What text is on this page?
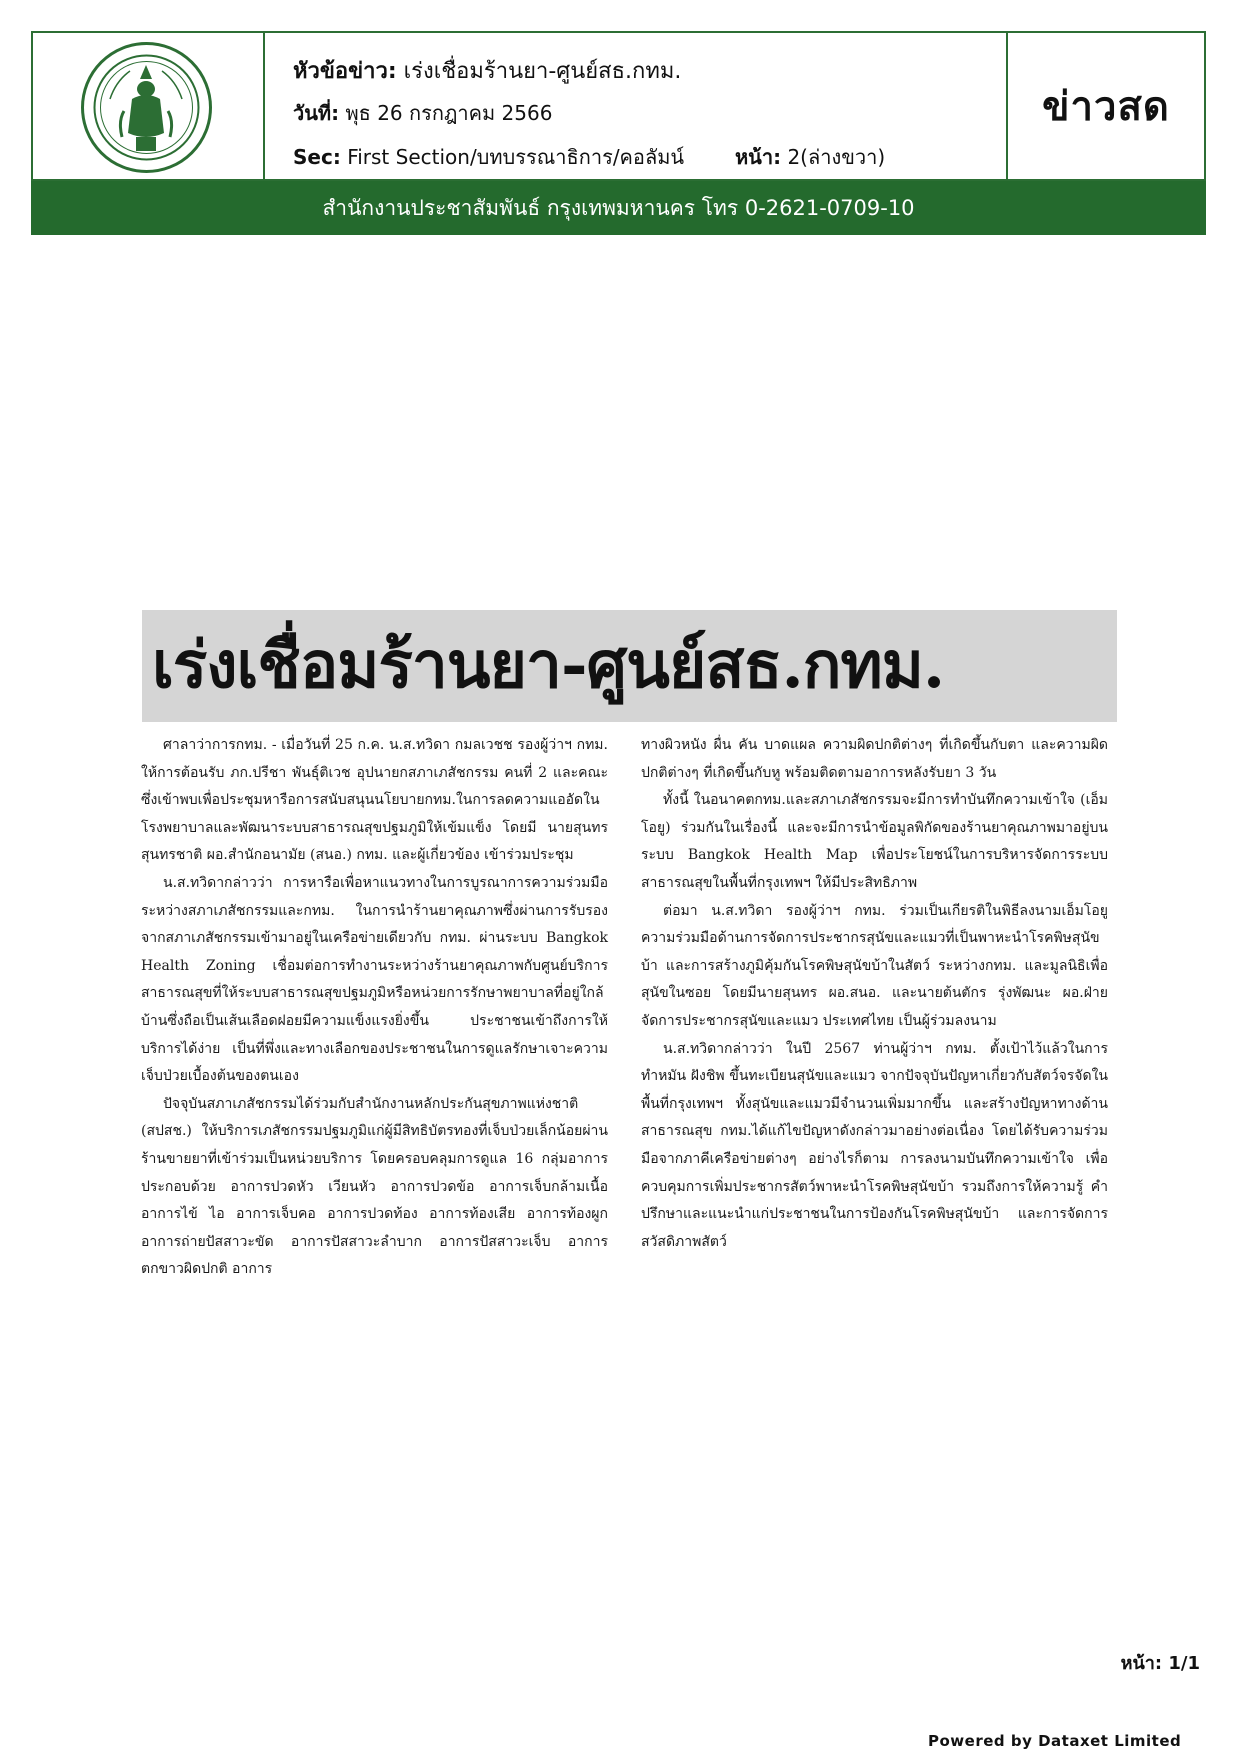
หัวข้อข่าว: เร่งเชื่อมร้านยา-ศูนย์สธ.กทม.
วันที่: พุธ 26 กรกฎาคม 2566
Sec: First Section/บทบรรณาธิการ/คอลัมน์	หน้า: 2(ล่างขวา)
ข่าวสด
สำนักงานประชาสัมพันธ์ กรุงเทพมหานคร โทร 0-2621-0709-10
เร่งเชื่อมร้านยา-ศูนย์สธ.กทม.

ศาลาว่าการกทม. - เมื่อวันที่ 25 ก.ค. น.ส.ทวิดา กมลเวชช รองผู้ว่าฯ กทม. ให้การต้อนรับ ภก.ปรีชา พันธุ์ติเวช อุปนายกสภาเภสัชกรรม คนที่ 2 และคณะ ซึ่งเข้าพบเพื่อประชุมหารือการสนับสนุนนโยบายกทม.ในการลดความแออัดในโรงพยาบาลและพัฒนาระบบสาธารณสุขปฐมภูมิให้เข้มแข็ง โดยมี นายสุนทร สุนทรชาติ ผอ.สำนักอนามัย (สนอ.) กทม. และผู้เกี่ยวข้อง เข้าร่วมประชุม

น.ส.ทวิดากล่าวว่า การหารือเพื่อหาแนวทางในการบูรณาการความร่วมมือระหว่างสภาเภสัชกรรมและกทม. ในการนำร้านยาคุณภาพซึ่งผ่านการรับรองจากสภาเภสัชกรรมเข้ามาอยู่ในเครือข่ายเดียวกับ กทม. ผ่านระบบ Bangkok Health Zoning เชื่อมต่อการทำงานระหว่างร้านยาคุณภาพกับศูนย์บริการสาธารณสุขที่ให้ระบบสาธารณสุขปฐมภูมิหรือหน่วยการรักษาพยาบาลที่อยู่ใกล้บ้านซึ่งถือเป็นเส้นเลือดฝอยมีความแข็งแรงยิ่งขึ้น ประชาชนเข้าถึงการให้บริการได้ง่าย เป็นที่พึ่งและทางเลือกของประชาชนในการดูแลรักษาเจาะความเจ็บป่วยเบื้องต้นของตนเอง

ปัจจุบันสภาเภสัชกรรมได้ร่วมกับสำนักงานหลักประกันสุขภาพแห่งชาติ (สปสช.) ให้บริการเภสัชกรรมปฐมภูมิแก่ผู้มีสิทธิบัตรทองที่เจ็บป่วยเล็กน้อยผ่านร้านขายยาที่เข้าร่วมเป็นหน่วยบริการ โดยครอบคลุมการดูแล 16 กลุ่มอาการ ประกอบด้วย อาการปวดหัว เวียนหัว อาการปวดข้อ อาการเจ็บกล้ามเนื้อ อาการไข้ ไอ อาการเจ็บคอ อาการปวดท้อง อาการท้องเสีย อาการท้องผูก อาการถ่ายปัสสาวะขัด อาการปัสสาวะลำบาก อาการปัสสาวะเจ็บ อาการตกขาวผิดปกติ อาการ

ทางผิวหนัง ผื่น คัน บาดแผล ความผิดปกติต่างๆ ที่เกิดขึ้นกับตา และความผิดปกติต่างๆ ที่เกิดขึ้นกับหู พร้อมติดตามอาการหลังรับยา 3 วัน

ทั้งนี้ ในอนาคตกทม.และสภาเภสัชกรรมจะมีการทำบันทึกความเข้าใจ (เอ็มโอยู) ร่วมกันในเรื่องนี้ และจะมีการนำข้อมูลพิกัดของร้านยาคุณภาพมาอยู่บนระบบ Bangkok Health Map เพื่อประโยชน์ในการบริหารจัดการระบบสาธารณสุขในพื้นที่กรุงเทพฯ ให้มีประสิทธิภาพ

ต่อมา น.ส.ทวิดา รองผู้ว่าฯ กทม. ร่วมเป็นเกียรติในพิธีลงนามเอ็มโอยู ความร่วมมือด้านการจัดการประชากรสุนัขและแมวที่เป็นพาหะนำโรคพิษสุนัขบ้า และการสร้างภูมิคุ้มกันโรคพิษสุนัขบ้าในสัตว์ ระหว่างกทม. และมูลนิธิเพื่อสุนัขในซอย โดยมีนายสุนทร ผอ.สนอ. และนายต้นตักร รุ่งพัฒนะ ผอ.ฝ่ายจัดการประชากรสุนัขและแมว ประเทศไทย เป็นผู้ร่วมลงนาม

น.ส.ทวิดากล่าวว่า ในปี 2567 ท่านผู้ว่าฯ กทม. ตั้งเป้าไว้แล้วในการทำหมัน ฝังชิพ ขึ้นทะเบียนสุนัขและแมว จากปัจจุบันปัญหาเกี่ยวกับสัตว์จรจัดในพื้นที่กรุงเทพฯ ทั้งสุนัขและแมวมีจำนวนเพิ่มมากขึ้น และสร้างปัญหาทางด้านสาธารณสุข กทม.ได้แก้ไขปัญหาดังกล่าวมาอย่างต่อเนื่อง โดยได้รับความร่วมมือจากภาคีเครือข่ายต่างๆ อย่างไรก็ตาม การลงนามบันทึกความเข้าใจ เพื่อควบคุมการเพิ่มประชากรสัตว์พาหะนำโรคพิษสุนัขบ้า รวมถึงการให้ความรู้ คำปรึกษาและแนะนำแก่ประชาชนในการป้องกันโรคพิษสุนัขบ้า และการจัดการสวัสดิภาพสัตว์

หน้า: 1/1
Powered by Dataxet Limited
